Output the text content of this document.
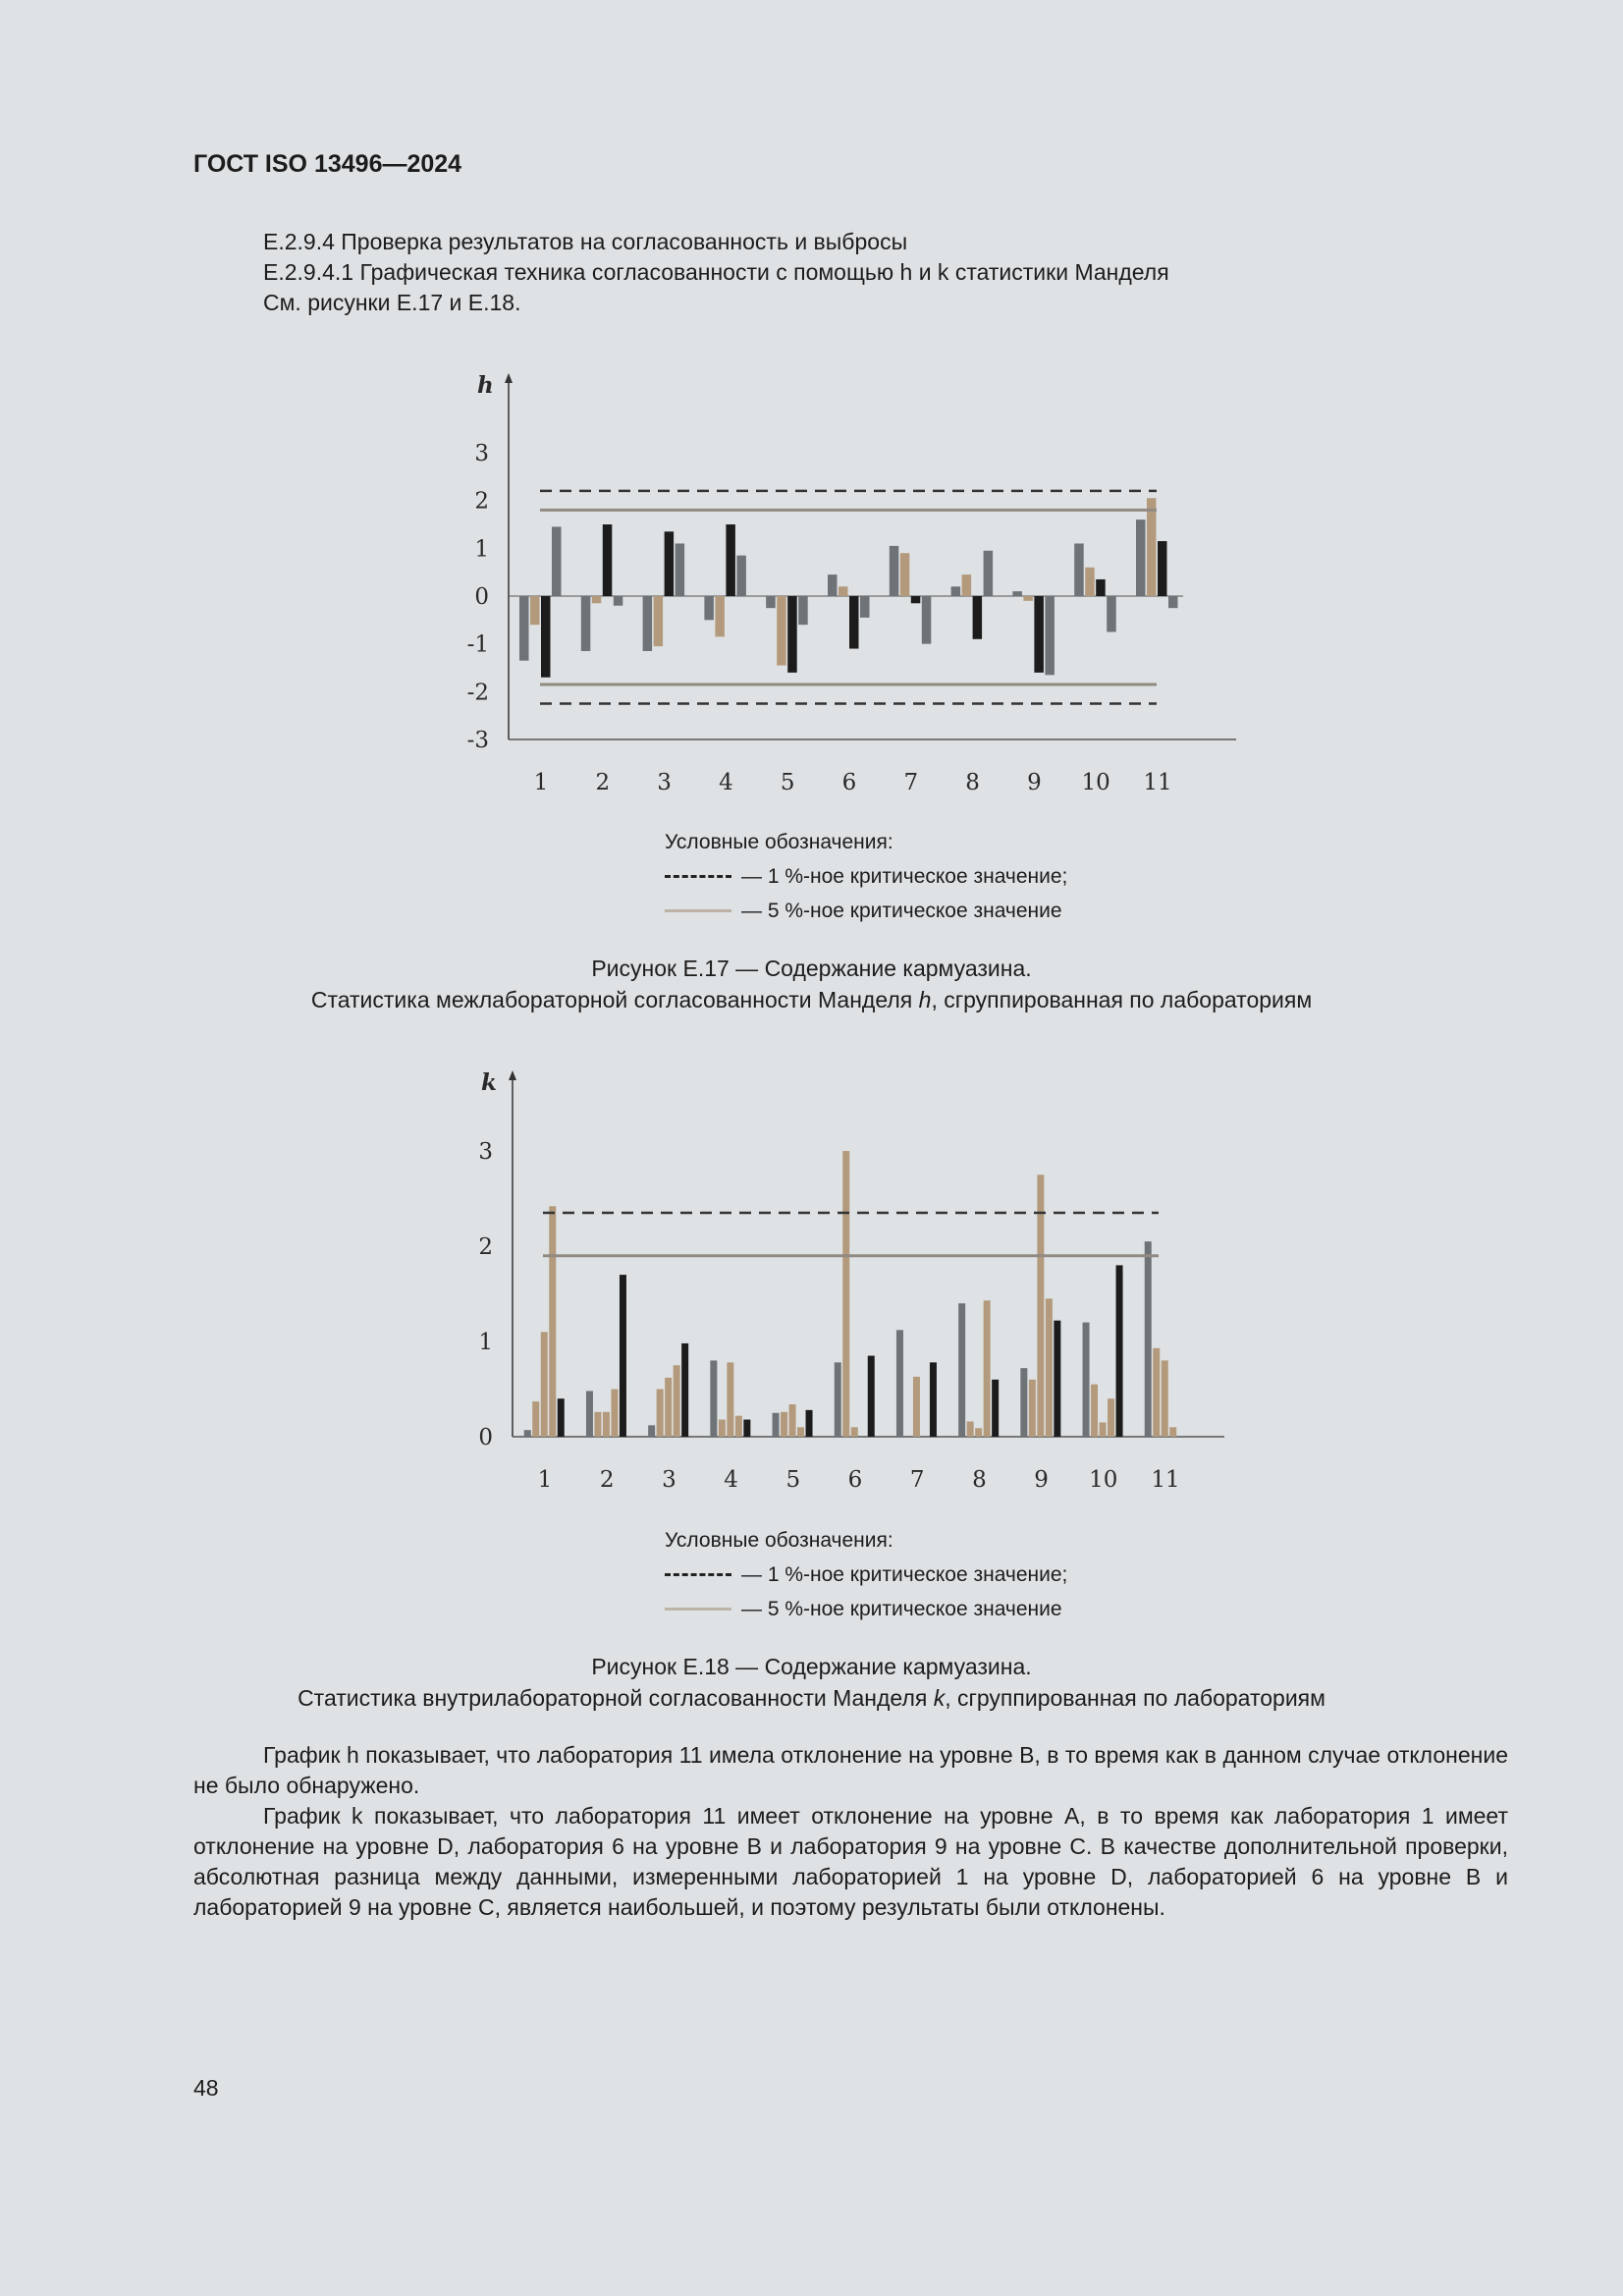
ГОСТ ISO 13496—2024
Е.2.9.4 Проверка результатов на согласованность и выбросы
Е.2.9.4.1 Графическая техника согласованности с помощью h и k статистики Манделя
См. рисунки Е.17 и Е.18.
h
-3
-2
-1
0
1
2
3
1 2 3 4 5 6 7 8 9 10 11
Условные обозначения:
— 1 %-ное критическое значение;
— 5 %-ное критическое значение
Рисунок Е.17 — Содержание кармуазина.
Статистика межлабораторной согласованности Манделя h, сгруппированная по лабораториям
k
0
1
2
3
1 2 3 4 5 6 7 8 9 10 11
Условные обозначения:
— 1 %-ное критическое значение;
— 5 %-ное критическое значение
Рисунок Е.18 — Содержание кармуазина.
Статистика внутрилабораторной согласованности Манделя k, сгруппированная по лабораториям

График h показывает, что лаборатория 11 имела отклонение на уровне B, в то время как в данном случае отклонение не было обнаружено.

График k показывает, что лаборатория 11 имеет отклонение на уровне A, в то время как лаборатория 1 имеет отклонение на уровне D, лаборатория 6 на уровне B и лаборатория 9 на уровне C. В качестве дополнительной проверки, абсолютная разница между данными, измеренными лабораторией 1 на уровне D, лабораторией 6 на уровне B и лабораторией 9 на уровне C, является наибольшей, и поэтому результаты были отклонены.

48
